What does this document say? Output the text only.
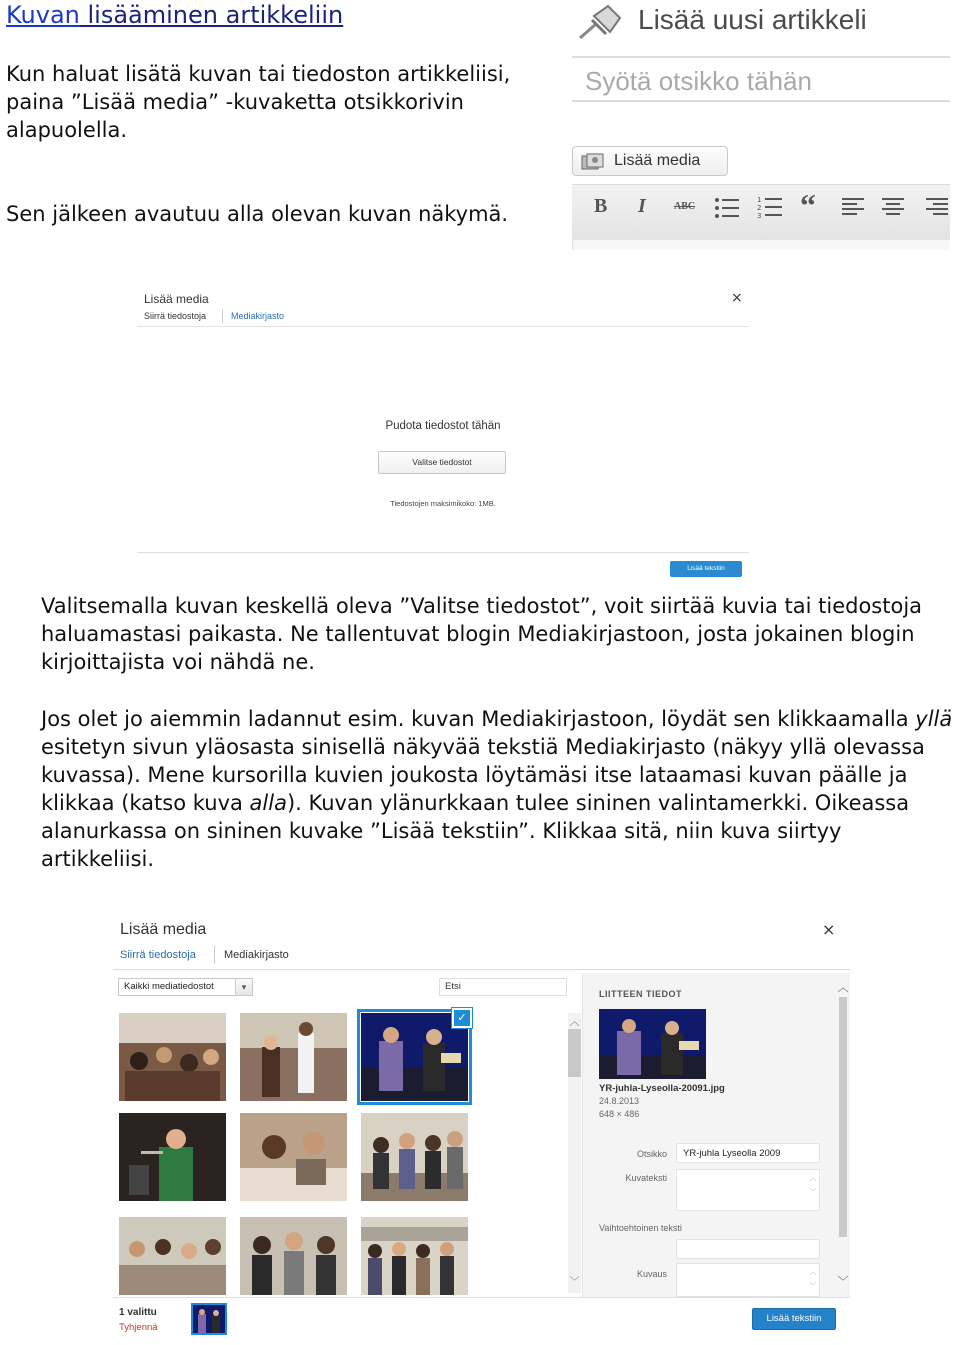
Kuvan lisääminen artikkeliin
Kun haluat lisätä kuvan tai tiedoston artikkeliisi, paina ”Lisää media” -kuvaketta otsikkorivin alapuolella.
Sen jälkeen avautuu alla olevan kuvan näkymä.
Lisää uusi artikkeli
Syötä otsikko tähän
Lisää media
B I	ABC
1
2
3 “
Lisää media	×
Siirrä tiedostoja	Mediakirjasto
Pudota tiedostot tähän
Valitse tiedostot
Tiedostojen maksimikoko: 1MB.
Lisää tekstiin
Valitsemalla kuvan keskellä oleva ”Valitse tiedostot”, voit siirtää kuvia tai tiedostoja haluamastasi paikasta. Ne tallentuvat blogin Mediakirjastoon, josta jokainen blogin kirjoittajista voi nähdä ne.
Jos olet jo aiemmin ladannut esim. kuvan Mediakirjastoon, löydät sen klikkaamalla yllä esitetyn sivun yläosasta sinisellä näkyvää tekstiä Mediakirjasto (näkyy yllä olevassa kuvassa). Mene kursorilla kuvien joukosta löytämäsi itse lataamasi kuvan päälle ja klikkaa (katso kuva alla). Kuvan ylänurkkaan tulee sininen valintamerkki. Oikeassa alanurkassa on sininen kuvake ”Lisää tekstiin”. Klikkaa sitä, niin kuva siirtyy artikkeliisi.
Lisää media	×
Siirrä tiedostoja	Mediakirjasto
Kaikki mediatiedostot	▾	Etsi
✓	︿
﹀
LIITTEEN TIEDOT
YR-juhla-Lyseolla-20091.jpg
24.8.2013
648 × 486
Otsikko	YR-juhla Lyseolla 2009
Kuvateksti	︿
﹀
Vaihtoehtoinen teksti
Kuvaus	︿
﹀
︿
﹀
1 valittu
Tyhjennä
Lisää tekstiin
